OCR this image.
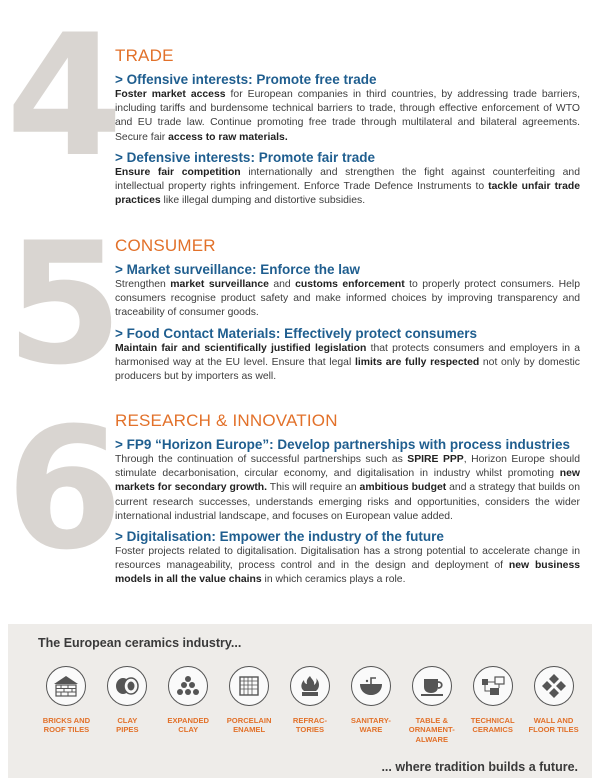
4
5
6
TRADE
> Offensive interests: Promote free trade

Foster market access for European companies in third countries, by addressing trade barriers, including tariffs and burdensome technical barriers to trade, through effective enforcement of WTO and EU trade law. Continue promoting free trade through multilateral and bilateral agreements. Secure fair access to raw materials.

> Defensive interests: Promote fair trade

Ensure fair competition internationally and strengthen the fight against counterfeiting and intellectual property rights infringement. Enforce Trade Defence Instruments to tackle unfair trade practices like illegal dumping and distortive subsidies.

CONSUMER
> Market surveillance: Enforce the law

Strengthen market surveillance and customs enforcement to properly protect consumers. Help consumers recognise product safety and make informed choices by improving transparency and traceability of consumer goods.

> Food Contact Materials: Effectively protect consumers

Maintain fair and scientifically justified legislation that protects consumers and employers in a harmonised way at the EU level. Ensure that legal limits are fully respected not only by domestic producers but by importers as well.

RESEARCH & INNOVATION
> FP9 “Horizon Europe”: Develop partnerships with process industries

Through the continuation of successful partnerships such as SPIRE PPP, Horizon Europe should stimulate decarbonisation, circular economy, and digitalisation in industry whilst promoting new markets for secondary growth. This will require an ambitious budget and a strategy that builds on current research successes, understands emerging risks and opportunities, considers the wider international industrial landscape, and focuses on European value added.

> Digitalisation: Empower the industry of the future

Foster projects related to digitalisation. Digitalisation has a strong potential to accelerate change in resources manageability, process control and in the design and deployment of new business models in all the value chains in which ceramics plays a role.

The European ceramics industry...
BRICKS AND
ROOF TILES
CLAY
PIPES
EXPANDED
CLAY
PORCELAIN
ENAMEL
REFRAC-
TORIES
SANITARY-
WARE
TABLE &
ORNAMENT-
ALWARE
TECHNICAL
CERAMICS
WALL AND
FLOOR TILES
... where tradition builds a future.
